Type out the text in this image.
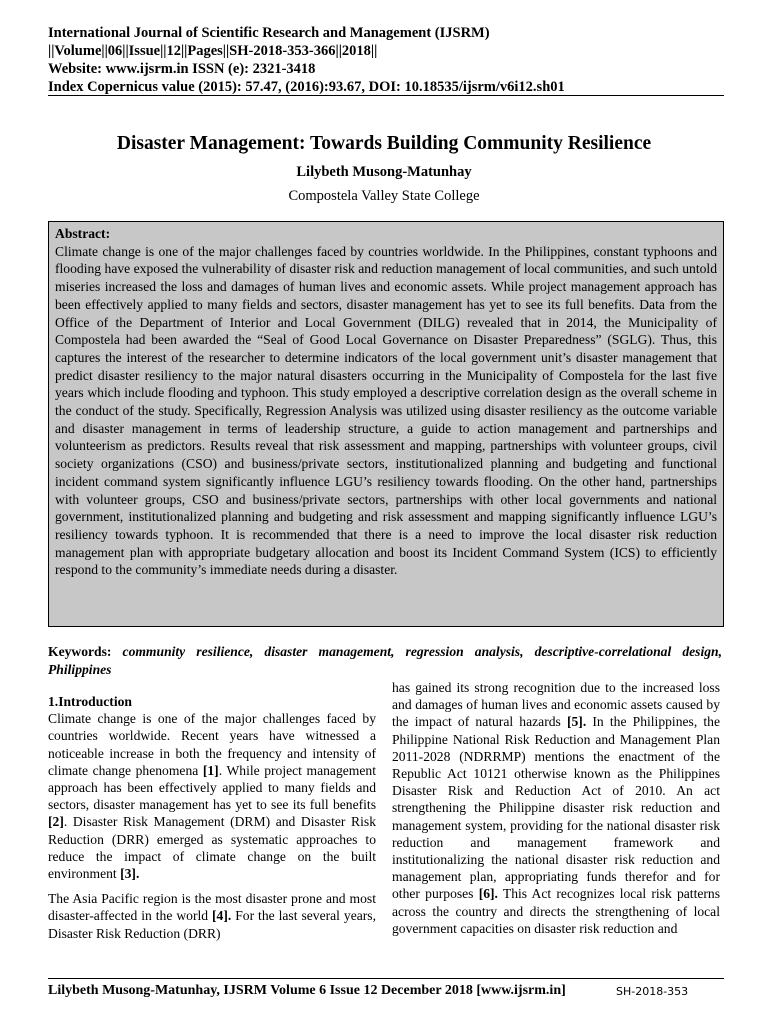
International Journal of Scientific Research and Management (IJSRM)
||Volume||06||Issue||12||Pages||SH-2018-353-366||2018||
Website: www.ijsrm.in ISSN (e): 2321-3418
Index Copernicus value (2015): 57.47, (2016):93.67, DOI: 10.18535/ijsrm/v6i12.sh01
Disaster Management: Towards Building Community Resilience
Lilybeth Musong-Matunhay
Compostela Valley State College
Abstract:
Climate change is one of the major challenges faced by countries worldwide. In the Philippines, constant typhoons and flooding have exposed the vulnerability of disaster risk and reduction management of local communities, and such untold miseries increased the loss and damages of human lives and economic assets. While project management approach has been effectively applied to many fields and sectors, disaster management has yet to see its full benefits. Data from the Office of the Department of Interior and Local Government (DILG) revealed that in 2014, the Municipality of Compostela had been awarded the “Seal of Good Local Governance on Disaster Preparedness” (SGLG). Thus, this captures the interest of the researcher to determine indicators of the local government unit’s disaster management that predict disaster resiliency to the major natural disasters occurring in the Municipality of Compostela for the last five years which include flooding and typhoon. This study employed a descriptive correlation design as the overall scheme in the conduct of the study. Specifically, Regression Analysis was utilized using disaster resiliency as the outcome variable and disaster management in terms of leadership structure, a guide to action management and partnerships and volunteerism as predictors. Results reveal that risk assessment and mapping, partnerships with volunteer groups, civil society organizations (CSO) and business/private sectors, institutionalized planning and budgeting and functional incident command system significantly influence LGU’s resiliency towards flooding. On the other hand, partnerships with volunteer groups, CSO and business/private sectors, partnerships with other local governments and national government, institutionalized planning and budgeting and risk assessment and mapping significantly influence LGU’s resiliency towards typhoon. It is recommended that there is a need to improve the local disaster risk reduction management plan with appropriate budgetary allocation and boost its Incident Command System (ICS) to efficiently respond to the community’s immediate needs during a disaster.
Keywords: community resilience, disaster management, regression analysis, descriptive-correlational design, Philippines
1.Introduction

Climate change is one of the major challenges faced by countries worldwide. Recent years have witnessed a noticeable increase in both the frequency and intensity of climate change phenomena [1]. While project management approach has been effectively applied to many fields and sectors, disaster management has yet to see its full benefits [2]. Disaster Risk Management (DRM) and Disaster Risk Reduction (DRR) emerged as systematic approaches to reduce the impact of climate change on the built environment [3].

The Asia Pacific region is the most disaster prone and most disaster-affected in the world [4]. For the last several years, Disaster Risk Reduction (DRR)

has gained its strong recognition due to the increased loss and damages of human lives and economic assets caused by the impact of natural hazards [5]. In the Philippines, the Philippine National Risk Reduction and Management Plan 2011-2028 (NDRRMP) mentions the enactment of the Republic Act 10121 otherwise known as the Philippines Disaster Risk and Reduction Act of 2010. An act strengthening the Philippine disaster risk reduction and management system, providing for the national disaster risk reduction and management framework and institutionalizing the national disaster risk reduction and management plan, appropriating funds therefor and for other purposes [6]. This Act recognizes local risk patterns across the country and directs the strengthening of local government capacities on disaster risk reduction and

Lilybeth Musong-Matunhay, IJSRM Volume 6 Issue 12 December 2018 [www.ijsrm.in]	SH-2018-353
